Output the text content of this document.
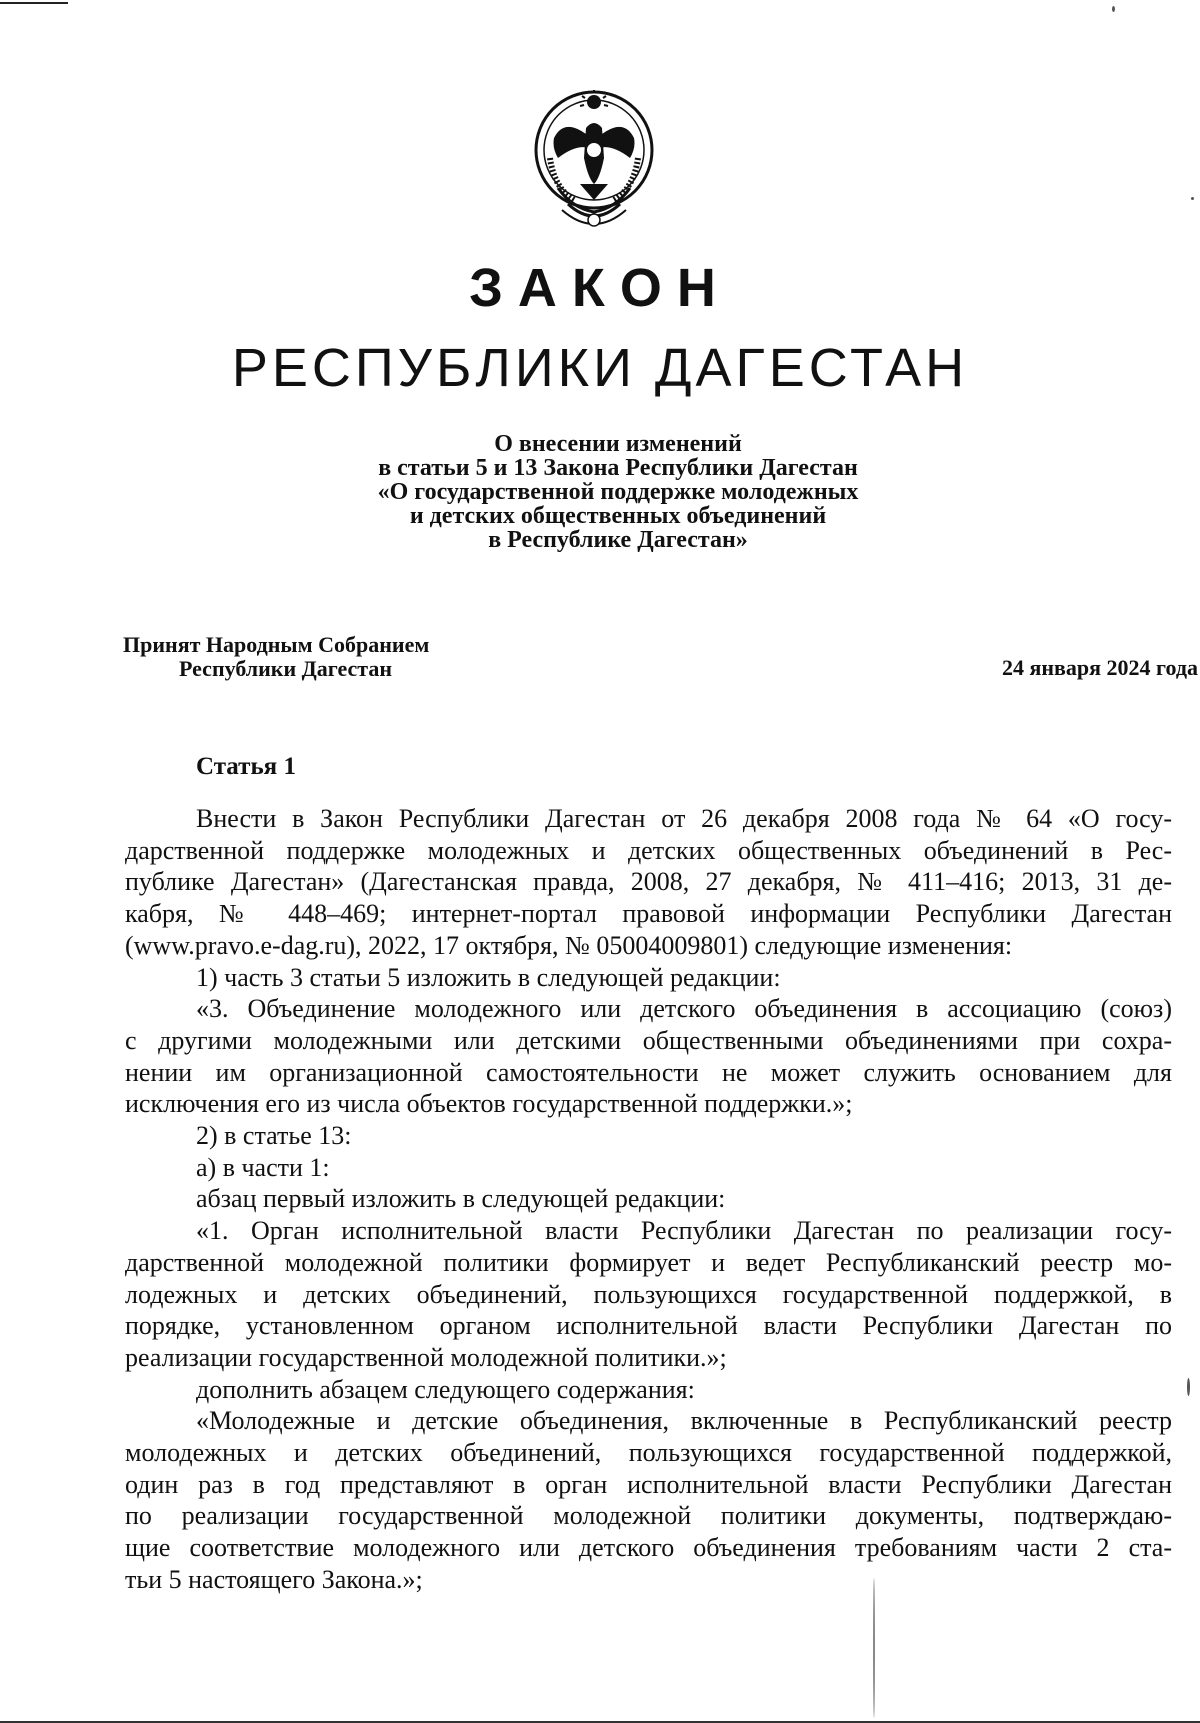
ЗАКОН
РЕСПУБЛИКИ ДАГЕСТАН
О внесении изменений
в статьи 5 и 13 Закона Республики Дагестан
«О государственной поддержке молодежных
и детских общественных объединений
в Республике Дагестан»
Принят Народным Собранием
Республики Дагестан	24 января 2024 года
Статья 1

Внести в Закон Республики Дагестан от 26 декабря 2008 года № 64 «О госу-

дарственной поддержке молодежных и детских общественных объединений в Рес-

публике Дагестан» (Дагестанская правда, 2008, 27 декабря, № 411–416; 2013, 31 де-

кабря, № 448–469; интернет-портал правовой информации Республики Дагестан

(www.pravo.e-dag.ru), 2022, 17 октября, № 05004009801) следующие изменения:

1) часть 3 статьи 5 изложить в следующей редакции:

«3. Объединение молодежного или детского объединения в ассоциацию (союз)

с другими молодежными или детскими общественными объединениями при сохра-

нении им организационной самостоятельности не может служить основанием для

исключения его из числа объектов государственной поддержки.»;

2) в статье 13:

а) в части 1:

абзац первый изложить в следующей редакции:

«1. Орган исполнительной власти Республики Дагестан по реализации госу-

дарственной молодежной политики формирует и ведет Республиканский реестр мо-

лодежных и детских объединений, пользующихся государственной поддержкой, в

порядке, установленном органом исполнительной власти Республики Дагестан по

реализации государственной молодежной политики.»;

дополнить абзацем следующего содержания:

«Молодежные и детские объединения, включенные в Республиканский реестр

молодежных и детских объединений, пользующихся государственной поддержкой,

один раз в год представляют в орган исполнительной власти Республики Дагестан

по реализации государственной молодежной политики документы, подтверждаю-

щие соответствие молодежного или детского объединения требованиям части 2 ста-

тьи 5 настоящего Закона.»;
